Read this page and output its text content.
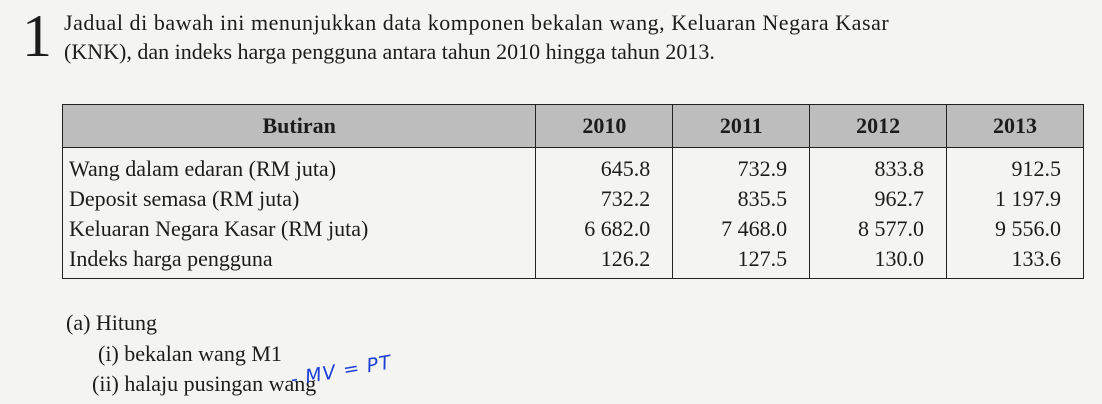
1 Jadual di bawah ini menunjukkan data komponen bekalan wang, Keluaran Negara Kasar
(KNK), dan indeks harga pengguna antara tahun 2010 hingga tahun 2013.
Butiran	2010	2011	2012	2013
Wang dalam edaran (RM juta)	645.8	732.9	833.8	912.5
Deposit semasa (RM juta)	732.2	835.5	962.7	1 197.9
Keluaran Negara Kasar (RM juta)	6 682.0	7 468.0	8 577.0	9 556.0
Indeks harga pengguna	126.2	127.5	130.0	133.6
(a) Hitung
(i) bekalan wang M1
(ii) halaju pusingan wang
- MV = PT
